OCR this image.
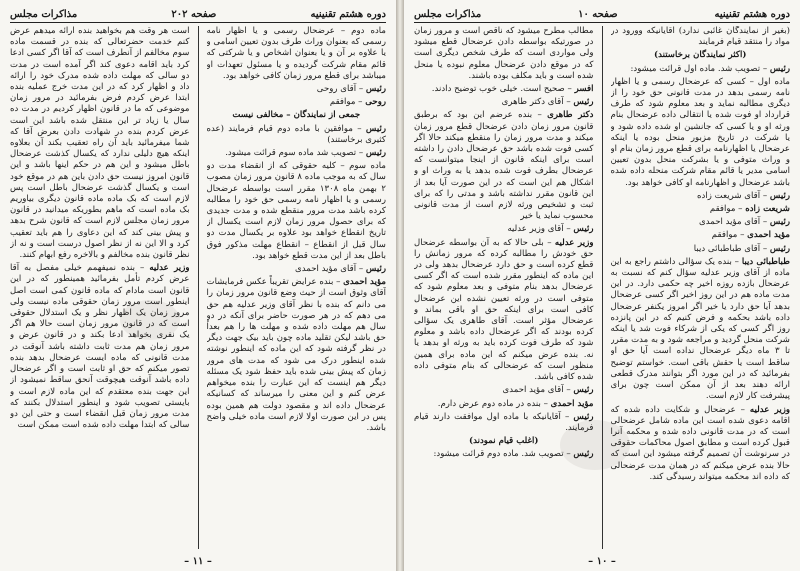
دوره هشتم تقنینیه
صفحه ۲۰۲
مذاکرات مجلس

ماده دوم – عرضحال رسمی و یا اظهار نامه رسمی که بعنوان وراث طرف بدون تعیین اسامی و یا علاوه بر آن و یا بعنوان اشخاص و یا شرکتی که قائم مقام شرکت گردیده و یا مسئول تعهدات او میباشد برای قطع مرور زمان کافی خواهد بود.

رئیس – آقای روحی

روحی – موافقم

جمعی از نمایندگان – مخالفی نیست

رئیس – موافقین با ماده دوم قیام فرمایند (عده کثیری برخاستند)

رئیس – تصویب شد ماده سوم قرائت میشود.

ماده سوم – کلیه حقوقی که از انقضاء مدت دو سال که به موجب ماده ۸ قانون مرور زمان مصوب ۲ بهمن ماه ۱۳۰۸ مقرر است بواسطه عرضحال رسمی و یا اظهار نامه رسمی حق خود را مطالبه کرده باشد مدت مرور منقطع شده و مدت جدیدی که برای حصول مرور زمان لازم است یکسال از تاریخ انقطاع خواهد بود علاوه بر یکسال مدت دو سال قبل از انقطاع – انقطاع مهلت مذکور فوق باطل بعد از این مدت قطع خواهد بود.

رئیس – آقای مؤید احمدی

مؤید احمدی – بنده عرایض تقریباً عکس فرمایشات آقای وثوق است از حیث وضع قانون مرور زمان را می دانم که بنده با نظر آقای وزیر عدلیه هم حق می دهم که در هر صورت حاضر برای آنکه در دو سال هم مهلت داده شده و مهلت ها را هم بعداً حق باشد لیکن تقلید ماده چون باید بیک جهت دیگر در نظر گرفته شود که این ماده که اینطور نوشته شده اینطور درک می شود که مدت های مرور زمان که پیش بینی شده باید حفظ شود یک مسئله دیگر هم اینست که این عبارت را بنده میخواهم عرض کنم و این معنی را میرساند که کسانیکه عرضحال داده اند و مقصود دولت هم همین بوده پس در این صورت اولا لازم است ماده خیلی واضح باشد.

است هر وقت هم بخواهید بنده ارائه میدهم عرض کنم خدمت حضرتعالی که بنده در قسمت ماده سوم مخالفم از آنطرف است که آقا اگر کسی ادعا کرد باید اقامه دعوی کند اگر آمده است در مدت دو سالی که مهلت داده شده مدرک خود را ارائه داد و اظهار کرد که در این مدت خرج عملیه بنده ابتدا عرض کردم فرض بفرمائید در مرور زمان موضوعی که ما در قانون اظهار کردیم در مدت ده سال یا زیاد تر این منتقل شده باشد این است عرض کردم بنده در شهادت دادن بعرض آقا که شما میفرمائید باید آن راه تعقیب بکند آن بعلاوه اینکه هیچ دلیلی ندارد که یکسال کذشت عرضحال باطل میشود و این هم در حکم اینها باشد و این قانون امروز نیست حق دادن باین هم در موقع خود است و یکسال گذشت عرضحال باطل است پس لازم است که بک ماده ماده قانون دیگری بیاوریم بک ماده است که ماهم بطوریکه میدانید در قانون مرور زمان مجلس لازم است که قانون شرح بدهد و پیش بینی کند که این دعاوی را هم باید تعقیب کرد و الا این نه از نظر اصول درست است و نه از نظر قانون بنده مخالفم و بالاخره رفع ابهام کنند.

وزیر عدلیه – بنده نمیفهمم خیلی مفصل به آقا عرض کردم تأمل بفرمائید همینطور که در این قانون است مادام که ماده قانون کمی است اصل اینطور است مرور زمان حقوقی ماده نیست ولی مرور زمان یک اظهار نظر و یک استدلال حقوقی است که در قانون مرور زمان است حالا هم اگر یک نفری بخواهد ادعا بکند و در قانون عرض و مرور زمان هم مدت ثابت داشته باشد آنوقت در مدت قانونی که ماده ایست عرضحال بدهد بنده تصور میکنم که حق او ثابت است و اگر عرضحال داده باشد آنوقت هیچوقت آنحق ساقط نمیشود از این جهت بنده معتقدم که این ماده لازم است و بایستی تصویب شود و اینطور استدلال بکنند که مدت مرور زمان قبل انقضاء است و حتی این دو سالی که ابتدا مهلت داده شده است ممکن است

– ۱۱ –
دوره هشتم تقنینیه
صفحه ۱۰
مذاکرات مجلس

(بغیر از نمایندگان غائبی ندارد) آقایانیکه وورود در مواد را منتقد قیام فرمایند

(اکثر نمایندگان برخاستند)

رئیس – تصویب شد. ماده اول قرائت میشود:

ماده اول – کسی که عرضحال رسمی و یا اظهار نامه رسمی بدهد در مدت قانونی حق خود را از دیگری مطالبه نماید و بعد معلوم شود که طرف قرارداد او فوت شده یا انتقالی داده عرضحال بنام ورثه او و یا کسی که جانشین او شده داده شود و یا شرکت در تاریخ مزبور منحل بوده یا اینکه عرضحال یا اظهارنامه برای قطع مرور زمان بنام او و وراث متوفی و یا بشرکت منحل بدون تعیین اسامی مدیر یا قائم مقام شرکت منحله داده شده باشد عرضحال و اظهارنامه او کافی خواهد بود.

رئیس – آقای شریعت زاده

شریعت زاده – موافقم

رئیس – آقای مؤید احمدی

مؤید احمدی – موافقم

رئیس – آقای طباطبائی دیبا

طباطبائی دیبا – بنده یک سؤالی داشتم راجع به این ماده از آقای وزیر عدلیه سؤال کنم که نسبت به عرضحال بازده روزه اخیر چه حکمی دارد. در این مدت ماده هم در این روز اخیر اگر کسی عرضحال بدهد آیا حق دارد یا خیر اگر امروز یکنفر عرضحال داده باشد بحکمه و فرض کنیم که در این پانزده روز اگر کسی که یکی از شرکاء فوت شد یا اینکه شرکت منحل گردید و مراجعه شود و به مدت مقرر تا ۳ ماه دیگر عرضحال نداده است آیا حق او ساقط است یا حقش باقی است. خواستم توضیح بفرمائید که در این مورد اگر بتوانند مدرک قطعی ارائه دهند بعد از آن ممکن است چون برای پیشرفت کار لازم است.

وزیر عدلیه – عرضحال و شکایت داده شده که اقامه دعوی شده است این ماده شامل عرضحالی است که در مدت قانونی داده شده و محکمه آنرا قبول کرده است و مطابق اصول محاکمات حقوقی در سرنوشت آن تصمیم گرفته میشود این است که حالا بنده عرض میکنم که در همان مدت عرضحالی که داده اند محکمه میتواند رسیدگی کند.

مطالب مطرح میشود که ناقص است و مرور زمان در صورتیکه بواسطه دادن عرضحال قطع میشود ولی مواردی است که طرف شخص دیگری است که در موقع دادن عرضحال معلوم نبوده یا منحل شده است و باید مکلف بوده باشند.

افسر – صحیح است. خیلی خوب توضیح دادند.

رئیس – آقای دکتر طاهری

دکتر طاهری – بنده عرضم این بود که برطبق قانون مرور زمان دادن عرضحال قطع مرور زمان میکند و مدت مرور زمان را منقطع میکند حالا اگر کسی فوت شده باشد حق عرضحال دادن را داشته است برای اینکه قانون از اینجا میتوانست که عرضحال بطرف فوت شده بدهد یا به وراث او و اشکال هم این است که در این صورت آیا بعد از این قانون مقرر نداشته باشد و مدتی را که برای ثبت و تشخیص ورثه لازم است از مدت قانونی محسوب نماید یا خیر

رئیس – آقای وزیر عدلیه

وزیر عدلیه – بلی حالا که به آن بواسطه عرضحال حق خودش را مطالبه کرده که مرور زمانش را قطع کرده است و حق دارد عرضحال بدهد ولی در این ماده که اینطور مقرر شده است که اگر کسی عرضحال بدهد بنام متوفی و بعد معلوم شود که متوفی است در ورثه تعیین نشده این عرضحال کافی است برای اینکه حق او باقی بماند و عرضحال مؤثر است. آقای طاهری یک سؤالی کرده بودند که اگر عرضحال داده باشد و معلوم شود که طرف فوت کرده باید به ورثه او بدهد یا نه. بنده عرض میکنم که این ماده برای همین منظور است که عرضحالی که بنام متوفی داده شده کافی باشد.

رئیس – آقای مؤید احمدی

مؤید احمدی – بنده در ماده دوم عرض دارم.

رئیس – آقایانیکه با ماده اول موافقت دارند قیام فرمایند.

(اغلب قیام نمودند)

رئیس – تصویب شد. ماده دوم قرائت میشود:

– ۱۰ –
